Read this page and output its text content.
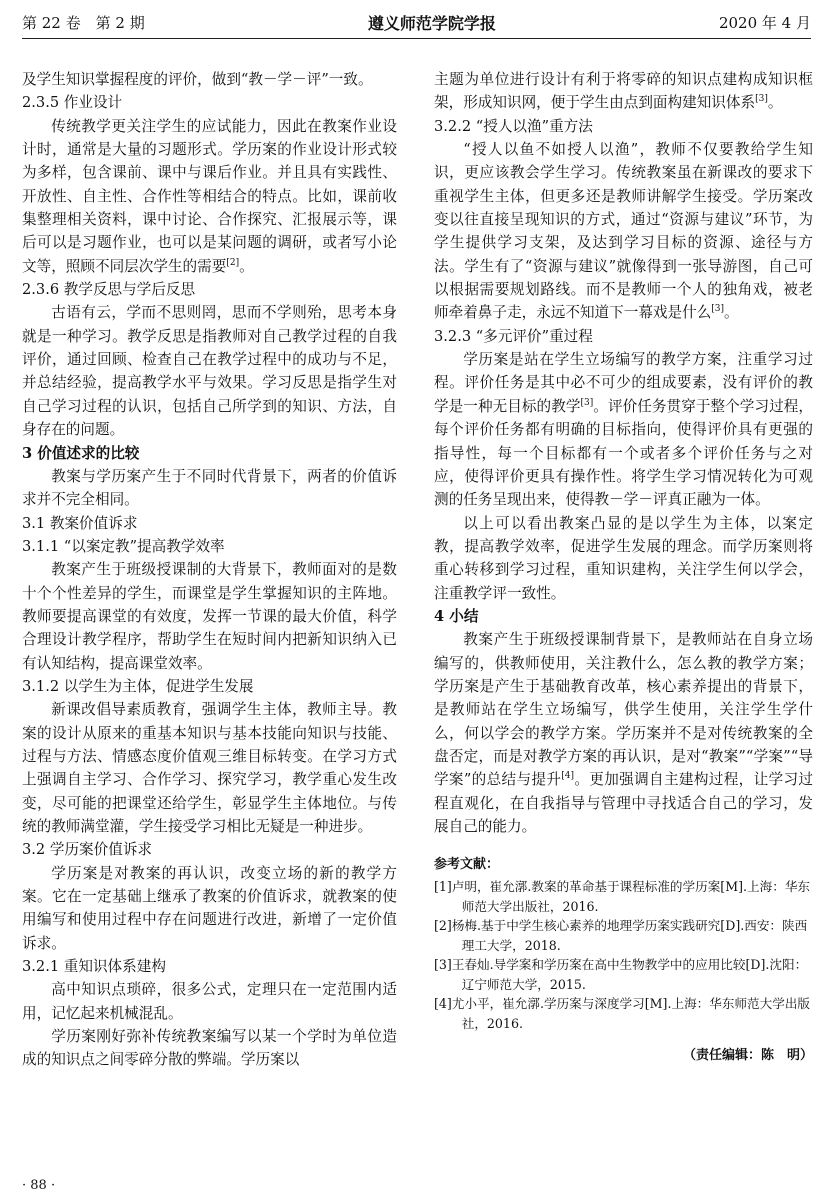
第 22 卷　第 2 期	遵义师范学院学报	2020 年 4 月
及学生知识掌握程度的评价，做到“教－学－评”一致。
2.3.5 作业设计
传统教学更关注学生的应试能力，因此在教案作业设计时，通常是大量的习题形式。学历案的作业设计形式较为多样，包含课前、课中与课后作业。并且具有实践性、开放性、自主性、合作性等相结合的特点。比如，课前收集整理相关资料，课中讨论、合作探究、汇报展示等，课后可以是习题作业，也可以是某问题的调研，或者写小论文等，照顾不同层次学生的需要[2]。
2.3.6 教学反思与学后反思
古语有云，学而不思则罔，思而不学则殆，思考本身就是一种学习。教学反思是指教师对自己教学过程的自我评价，通过回顾、检查自己在教学过程中的成功与不足，并总结经验，提高教学水平与效果。学习反思是指学生对自己学习过程的认识，包括自己所学到的知识、方法，自身存在的问题。
3 价值述求的比较
教案与学历案产生于不同时代背景下，两者的价值诉求并不完全相同。
3.1 教案价值诉求
3.1.1 “以案定教”提高教学效率
教案产生于班级授课制的大背景下，教师面对的是数十个个性差异的学生，而课堂是学生掌握知识的主阵地。教师要提高课堂的有效度，发挥一节课的最大价值，科学合理设计教学程序，帮助学生在短时间内把新知识纳入已有认知结构，提高课堂效率。
3.1.2 以学生为主体，促进学生发展
新课改倡导素质教育，强调学生主体，教师主导。教案的设计从原来的重基本知识与基本技能向知识与技能、过程与方法、情感态度价值观三维目标转变。在学习方式上强调自主学习、合作学习、探究学习，教学重心发生改变，尽可能的把课堂还给学生，彰显学生主体地位。与传统的教师满堂灌，学生接受学习相比无疑是一种进步。
3.2 学历案价值诉求
学历案是对教案的再认识，改变立场的新的教学方案。它在一定基础上继承了教案的价值诉求，就教案的使用编写和使用过程中存在问题进行改进，新增了一定价值诉求。
3.2.1 重知识体系建构
高中知识点琐碎，很多公式，定理只在一定范围内适用，记忆起来机械混乱。
学历案刚好弥补传统教案编写以某一个学时为单位造成的知识点之间零碎分散的弊端。学历案以
主题为单位进行设计有利于将零碎的知识点建构成知识框架，形成知识网，便于学生由点到面构建知识体系[3]。
3.2.2 “授人以渔”重方法
“授人以鱼不如授人以渔”，教师不仅要教给学生知识，更应该教会学生学习。传统教案虽在新课改的要求下重视学生主体，但更多还是教师讲解学生接受。学历案改变以往直接呈现知识的方式，通过“资源与建议”环节，为学生提供学习支架，及达到学习目标的资源、途径与方法。学生有了“资源与建议”就像得到一张导游图，自己可以根据需要规划路线。而不是教师一个人的独角戏，被老师牵着鼻子走，永远不知道下一幕戏是什么[3]。
3.2.3 “多元评价”重过程
学历案是站在学生立场编写的教学方案，注重学习过程。评价任务是其中必不可少的组成要素，没有评价的教学是一种无目标的教学[3]。评价任务贯穿于整个学习过程，每个评价任务都有明确的目标指向，使得评价具有更强的指导性，每一个目标都有一个或者多个评价任务与之对应，使得评价更具有操作性。将学生学习情况转化为可观测的任务呈现出来，使得教－学－评真正融为一体。
以上可以看出教案凸显的是以学生为主体，以案定教，提高教学效率，促进学生发展的理念。而学历案则将重心转移到学习过程，重知识建构，关注学生何以学会，注重教学评一致性。
4 小结
教案产生于班级授课制背景下，是教师站在自身立场编写的，供教师使用，关注教什么，怎么教的教学方案；学历案是产生于基础教育改革，核心素养提出的背景下，是教师站在学生立场编写，供学生使用，关注学生学什么，何以学会的教学方案。学历案并不是对传统教案的全盘否定，而是对教学方案的再认识，是对“教案”“学案”“导学案”的总结与提升[4]。更加强调自主建构过程，让学习过程直观化，在自我指导与管理中寻找适合自己的学习，发展自己的能力。
参考文献：
[1]卢明，崔允漷.教案的革命基于课程标准的学历案[M].上海：华东师范大学出版社，2016.
[2]杨梅.基于中学生核心素养的地理学历案实践研究[D].西安：陕西理工大学，2018.
[3]王春灿.导学案和学历案在高中生物教学中的应用比较[D].沈阳：辽宁师范大学，2015.
[4]尤小平，崔允漷.学历案与深度学习[M].上海：华东师范大学出版社，2016.
（责任编辑：陈　明）
· 88 ·
